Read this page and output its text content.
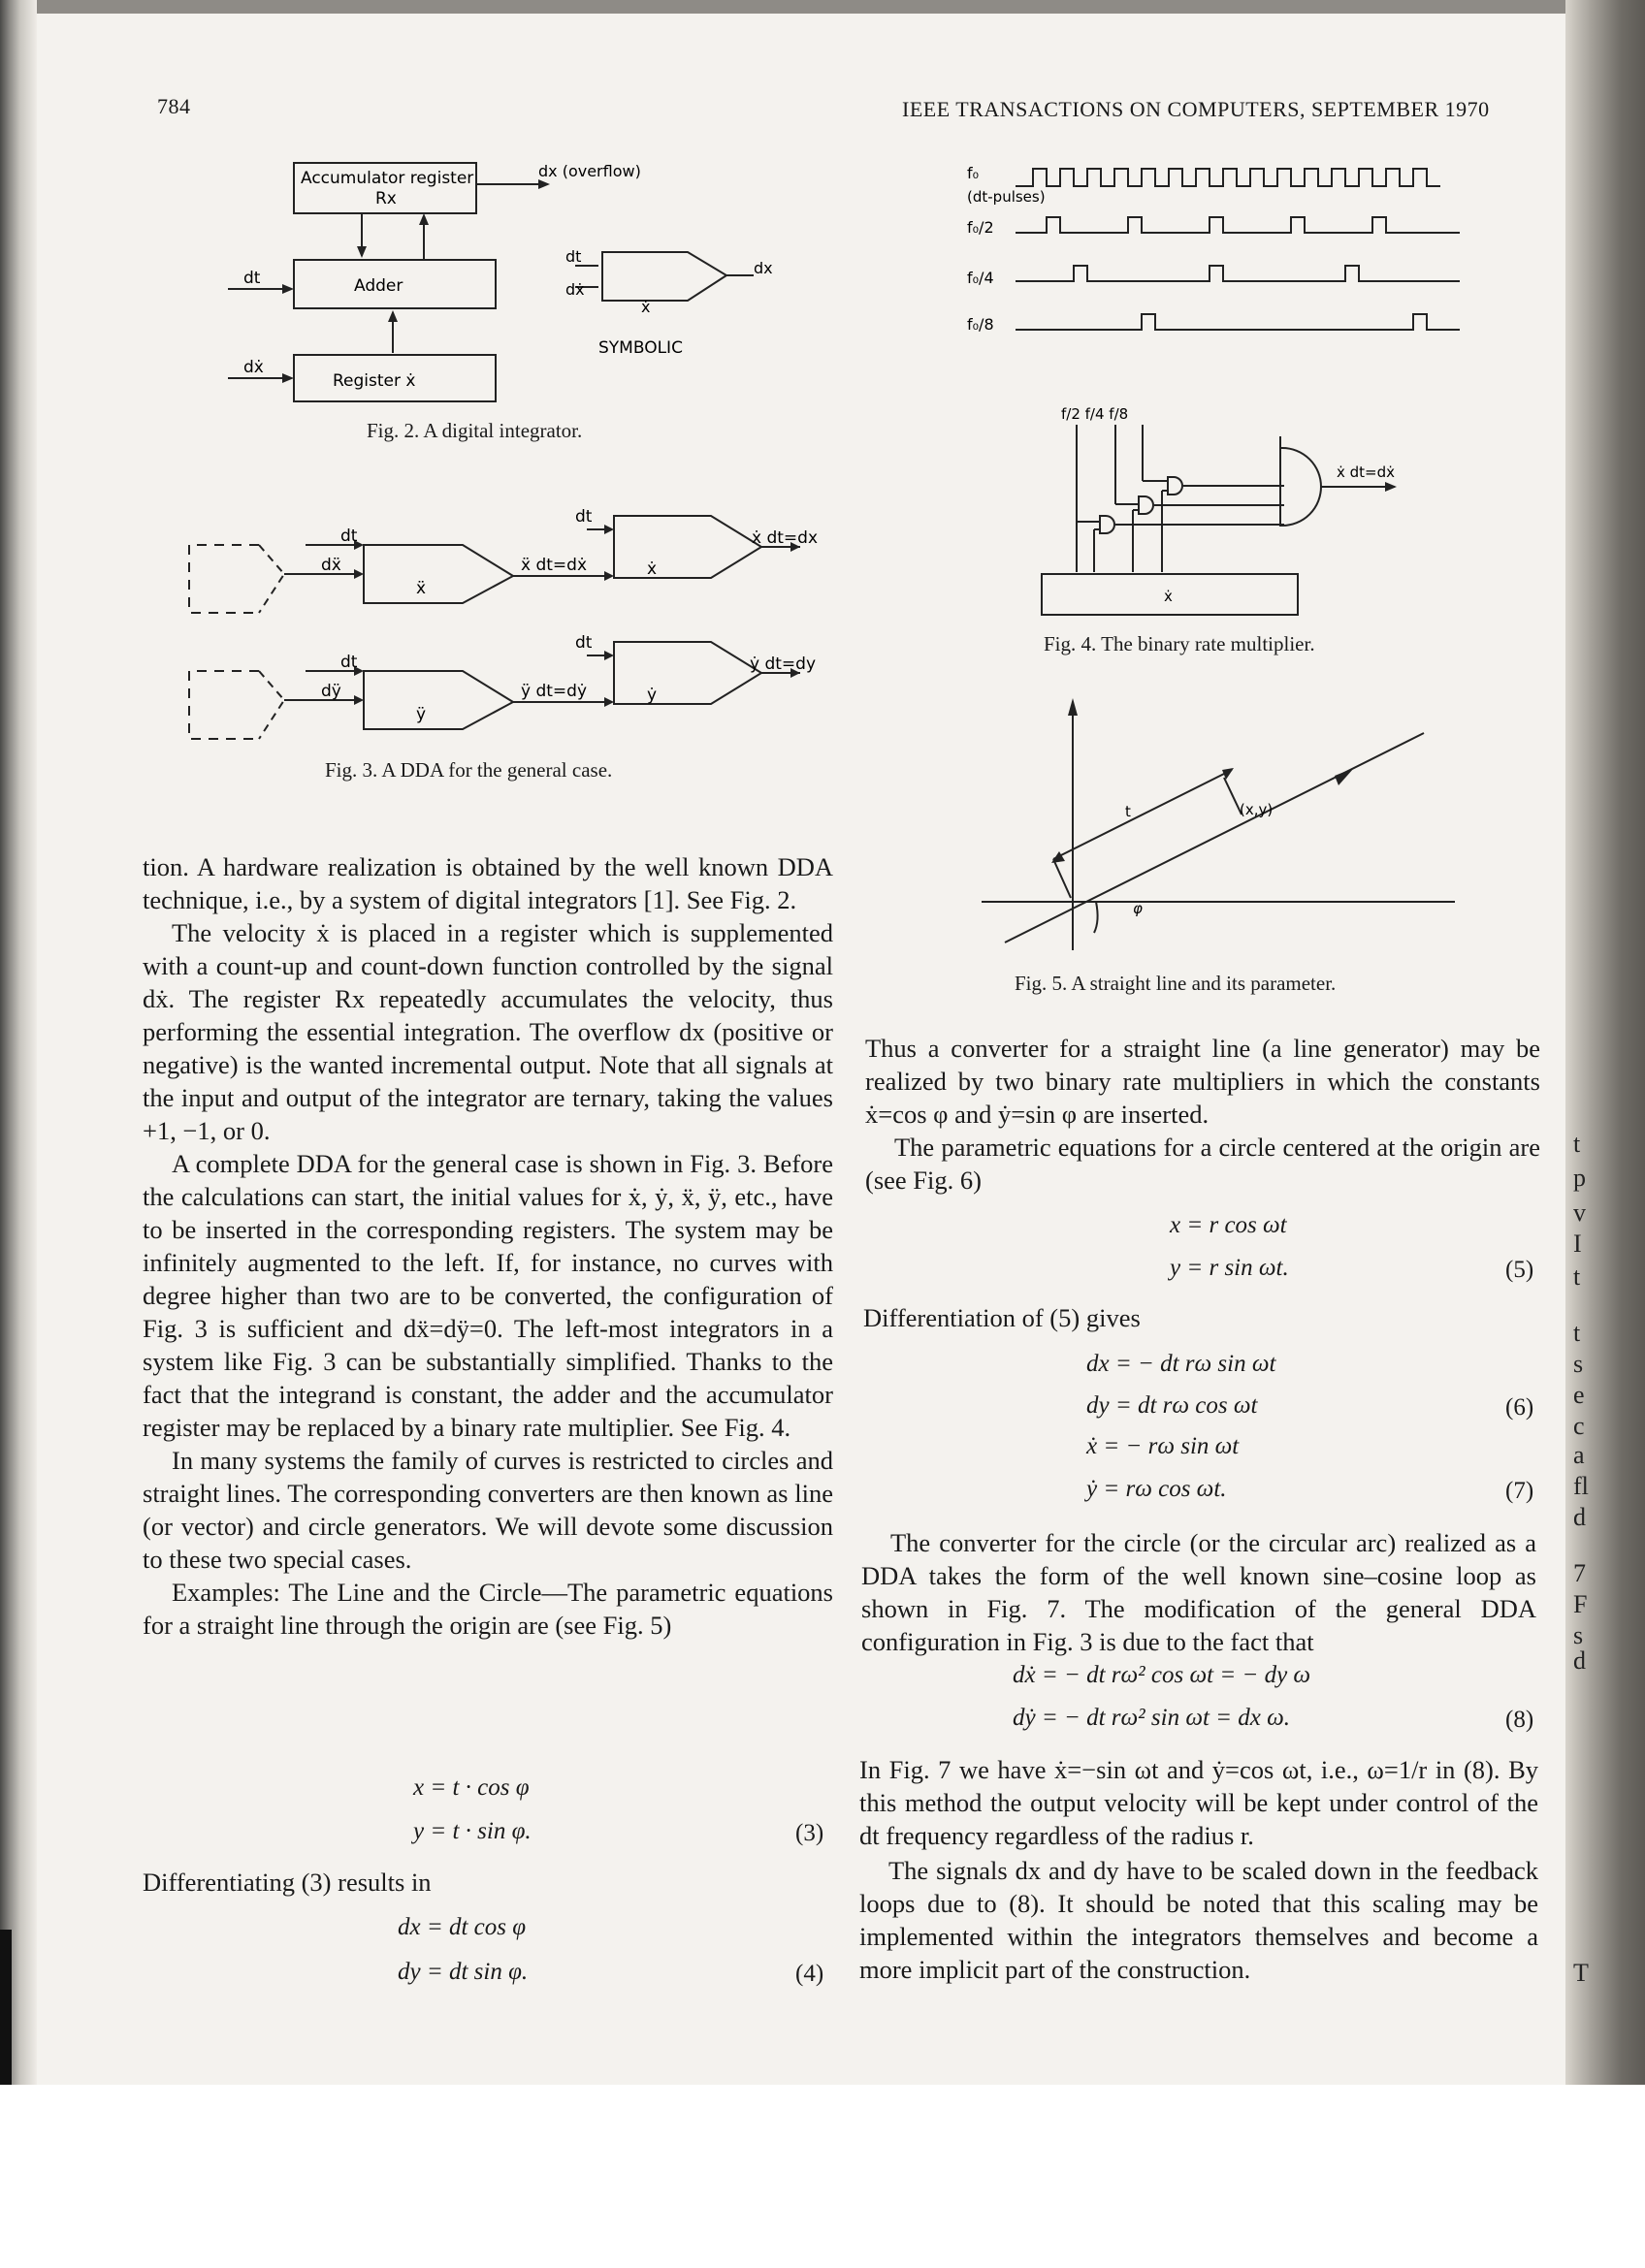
t
p
v
I
t
t
s
e
c
a
fl
d
7
F
s
d
T
784	IEEE TRANSACTIONS ON COMPUTERS, SEPTEMBER 1970
Accumulator register
Rx
dx (overflow)
Adder
Register ẋ
dt
dẋ
dt
dẋ
ẋ
dx
SYMBOLIC
Fig. 2. A digital integrator.
dt
dẍ
ẍ
ẍ dt=dẋ
dt
ẋ
ẋ dt=dx
dt
dÿ
ÿ
ÿ dt=dẏ
dt
ẏ
ẏ dt=dy
Fig. 3. A DDA for the general case.
f₀
(dt-pulses)
f₀/2
f₀/4
f₀/8
f/2 f/4 f/8
ẋ dt=dẋ
ẋ
Fig. 4. The binary rate multiplier.
t	(x,y)
φ
Fig. 5. A straight line and its parameter.

tion. A hardware realization is obtained by the well known DDA technique, i.e., by a system of digital integrators [1]. See Fig. 2.

The velocity ẋ is placed in a register which is supplemented with a count-up and count-down function controlled by the signal dẋ. The register Rx repeatedly accumulates the velocity, thus performing the essential integration. The overflow dx (positive or negative) is the wanted incremental output. Note that all signals at the input and output of the integrator are ternary, taking the values +1, −1, or 0.

A complete DDA for the general case is shown in Fig. 3. Before the calculations can start, the initial values for ẋ, ẏ, ẍ, ÿ, etc., have to be inserted in the corresponding registers. The system may be infinitely augmented to the left. If, for instance, no curves with degree higher than two are to be converted, the configuration of Fig. 3 is sufficient and dẍ=dÿ=0. The left-most integrators in a system like Fig. 3 can be substantially simplified. Thanks to the fact that the integrand is constant, the adder and the accumulator register may be replaced by a binary rate multiplier. See Fig. 4.

In many systems the family of curves is restricted to circles and straight lines. The corresponding converters are then known as line (or vector) and circle generators. We will devote some discussion to these two special cases.

Examples: The Line and the Circle—The parametric equations for a straight line through the origin are (see Fig. 5)

x = t · cos φ
y = t · sin φ.	(3)
Differentiating (3) results in
dx = dt cos φ
dy = dt sin φ.	(4)

Thus a converter for a straight line (a line generator) may be realized by two binary rate multipliers in which the constants ẋ=cos φ and ẏ=sin φ are inserted.

The parametric equations for a circle centered at the origin are (see Fig. 6)

x = r cos ωt
y = r sin ωt.	(5)
Differentiation of (5) gives
dx = − dt rω sin ωt
dy = dt rω cos ωt	(6)
ẋ = − rω sin ωt
ẏ = rω cos ωt.	(7)
The converter for the circle (or the circular arc) realized as a DDA takes the form of the well known sine–cosine loop as shown in Fig. 7. The modification of the general DDA configuration in Fig. 3 is due to the fact that
dẋ = − dt rω² cos ωt = − dy ω
dẏ = − dt rω² sin ωt = dx ω.	(8)
In Fig. 7 we have ẋ=−sin ωt and ẏ=cos ωt, i.e., ω=1/r in (8). By this method the output velocity will be kept under control of the dt frequency regardless of the radius r.
The signals dx and dy have to be scaled down in the feedback loops due to (8). It should be noted that this scaling may be implemented within the integrators themselves and become a more implicit part of the construction.
